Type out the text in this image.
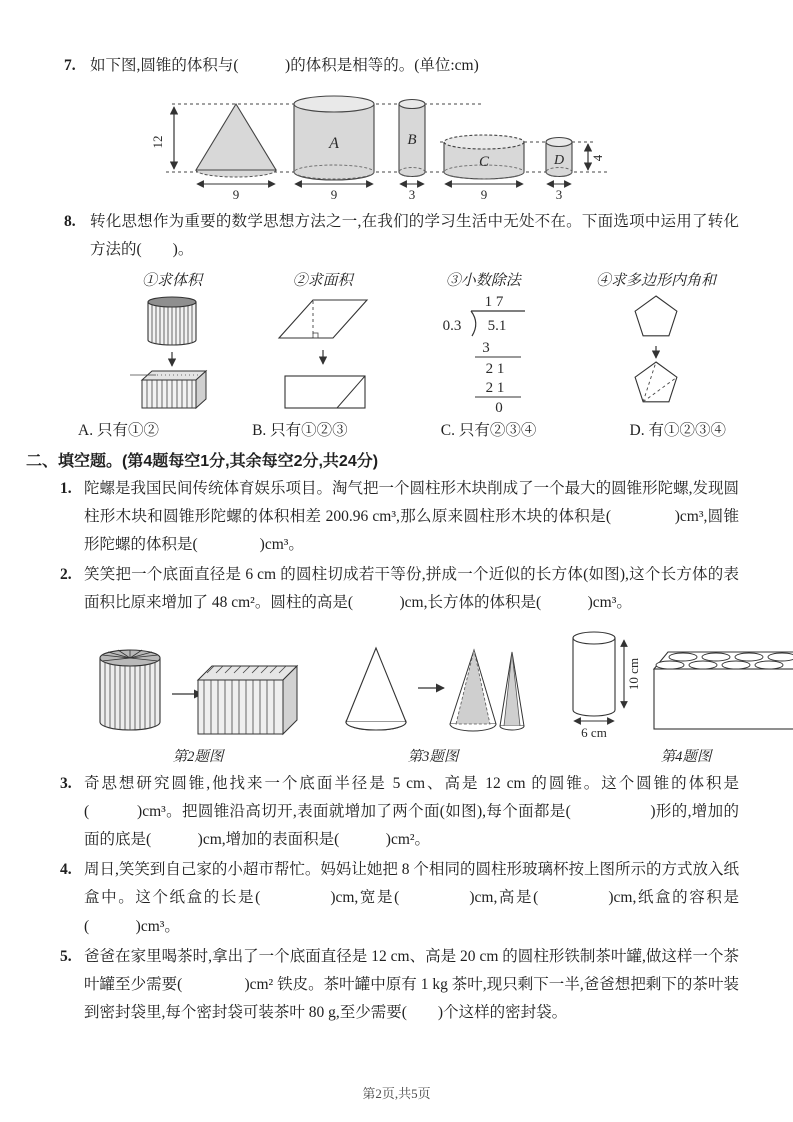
7. 如下图,圆锥的体积与(　　　)的体积是相等的。(单位:cm)
12	A	B
C	D 4
9	9	3	9	3
8. 转化思想作为重要的数学思想方法之一,在我们的学习生活中无处不在。下面选项中运用了转化方法的(　　)。
①求体积	②求面积	③小数除法
1 7
0.3 5.1
3
2 1
2 1
0
④求多边形内角和
A. 只有①②	B. 只有①②③	C. 只有②③④	D. 有①②③④
二、填空题。(第4题每空1分,其余每空2分,共24分)
1. 陀螺是我国民间传统体育娱乐项目。淘气把一个圆柱形木块削成了一个最大的圆锥形陀螺,发现圆柱形木块和圆锥形陀螺的体积相差 200.96 cm³,那么原来圆柱形木块的体积是(　　　　)cm³,圆锥形陀螺的体积是(　　　　)cm³。
2. 笑笑把一个底面直径是 6 cm 的圆柱切成若干等份,拼成一个近似的长方体(如图),这个长方体的表面积比原来增加了 48 cm²。圆柱的高是(　　　)cm,长方体的体积是(　　　)cm³。
第2题图	第3题图
10 cm
6 cm
第4题图
3. 奇思想研究圆锥,他找来一个底面半径是 5 cm、高是 12 cm 的圆锥。这个圆锥的体积是(　　　)cm³。把圆锥沿高切开,表面就增加了两个面(如图),每个面都是(　　　　　)形的,增加的面的底是(　　　)cm,增加的表面积是(　　　)cm²。
4. 周日,笑笑到自己家的小超市帮忙。妈妈让她把 8 个相同的圆柱形玻璃杯按上图所示的方式放入纸盒中。这个纸盒的长是(　　　　)cm,宽是(　　　　)cm,高是(　　　　)cm,纸盒的容积是(　　　)cm³。
5. 爸爸在家里喝茶时,拿出了一个底面直径是 12 cm、高是 20 cm 的圆柱形铁制茶叶罐,做这样一个茶叶罐至少需要(　　　　)cm² 铁皮。茶叶罐中原有 1 kg 茶叶,现只剩下一半,爸爸想把剩下的茶叶装到密封袋里,每个密封袋可装茶叶 80 g,至少需要(　　)个这样的密封袋。
第2页,共5页
